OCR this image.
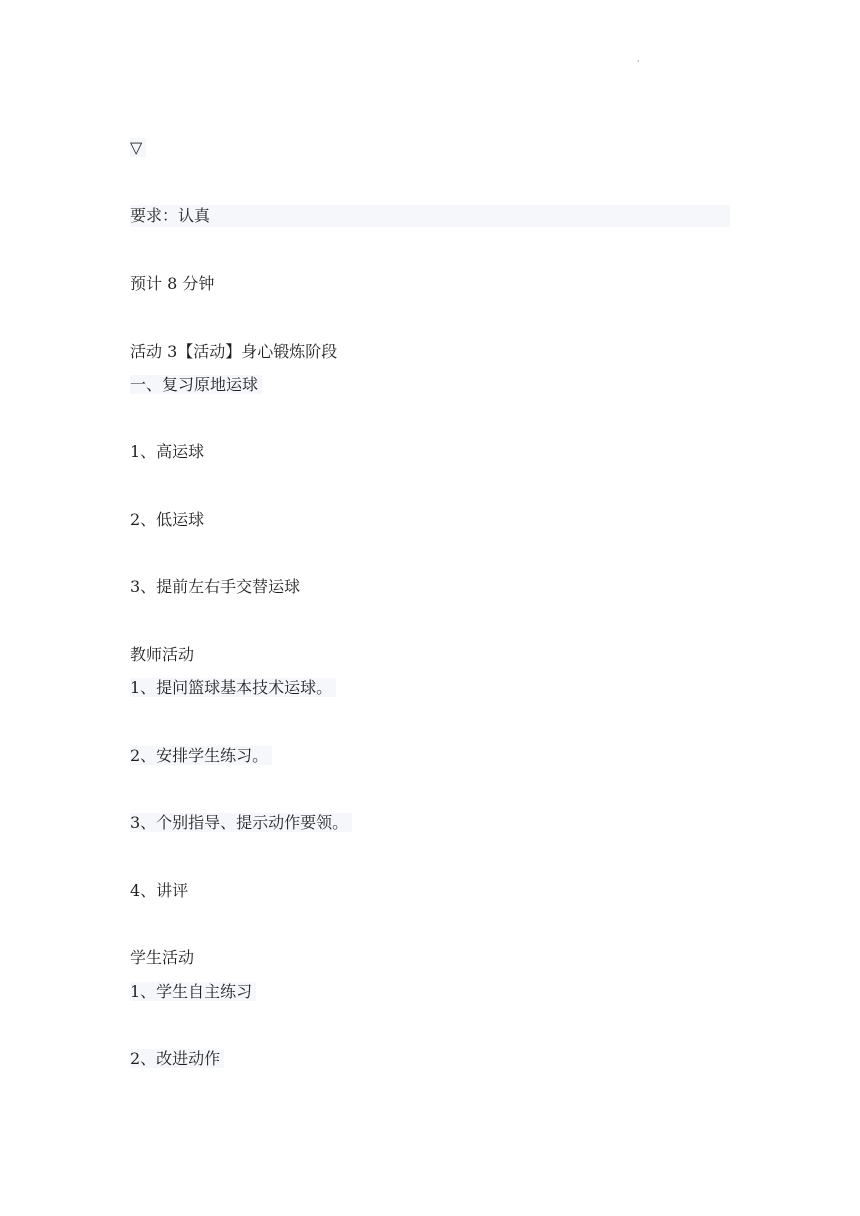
·
▽
要求：认真
预计 8 分钟
活动 3【活动】身心锻炼阶段
一、复习原地运球
1、高运球
2、低运球
3、提前左右手交替运球
教师活动
1、提问篮球基本技术运球。
2、安排学生练习。
3、个别指导、提示动作要领。
4、讲评
学生活动
1、学生自主练习
2、改进动作
